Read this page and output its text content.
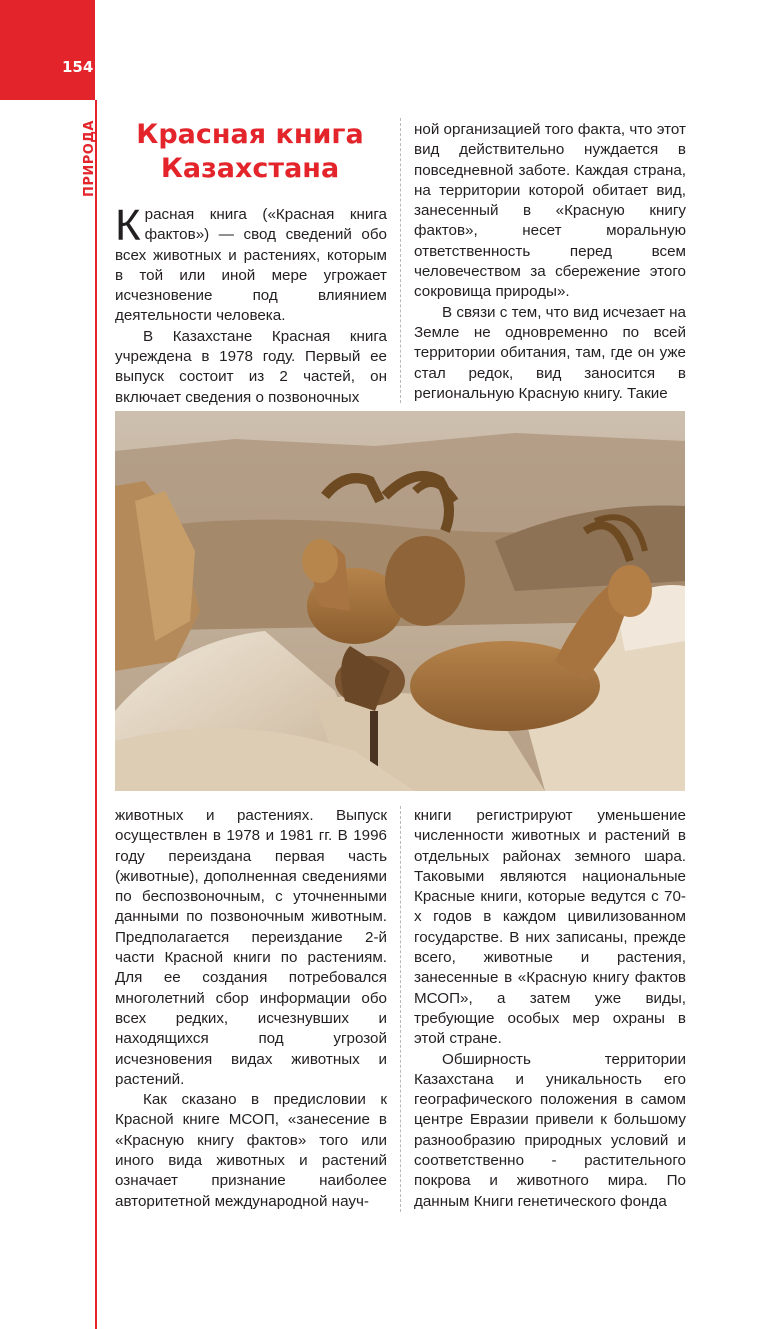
154
ПРИРОДА	Красная книга
Казахстана

Красная книга («Красная книга фактов») — свод сведений обо всех животных и растениях, которым в той или иной мере угрожает исчезновение под влиянием деятельности человека.

В Казахстане Красная книга учреждена в 1978 году. Первый ее выпуск состоит из 2 частей, он включает сведения о позвоночных

ной организацией того факта, что этот вид действительно нуждается в повседневной заботе. Каждая страна, на территории которой обитает вид, занесенный в «Красную книгу фактов», несет моральную ответственность перед всем человечеством за сбережение этого сокровища природы».

В связи с тем, что вид исчезает на Земле не одновременно по всей территории обитания, там, где он уже стал редок, вид заносится в региональную Красную книгу. Такие

животных и растениях. Выпуск осуществлен в 1978 и 1981 гг. В 1996 году переиздана первая часть (животные), дополненная сведениями по беспозвоночным, с уточненными данными по позвоночным животным. Предполагается переиздание 2-й части Красной книги по растениям. Для ее создания потребовался многолетний сбор информации обо всех редких, исчезнувших и находящихся под угрозой исчезновения видах животных и растений.

Как сказано в предисловии к Красной книге МСОП, «занесение в «Красную книгу фактов» того или иного вида животных и растений означает признание наиболее авторитетной международной науч-

книги регистрируют уменьшение численности животных и растений в отдельных районах земного шара. Таковыми являются национальные Красные книги, которые ведутся с 70-х годов в каждом цивилизованном государстве. В них записаны, прежде всего, животные и растения, занесенные в «Красную книгу фактов МСОП», а затем уже виды, требующие особых мер охраны в этой стране.

Обширность территории Казахстана и уникальность его географического положения в самом центре Евразии привели к большому разнообразию природных условий и соответственно - растительного покрова и животного мира. По данным Книги генетического фонда
